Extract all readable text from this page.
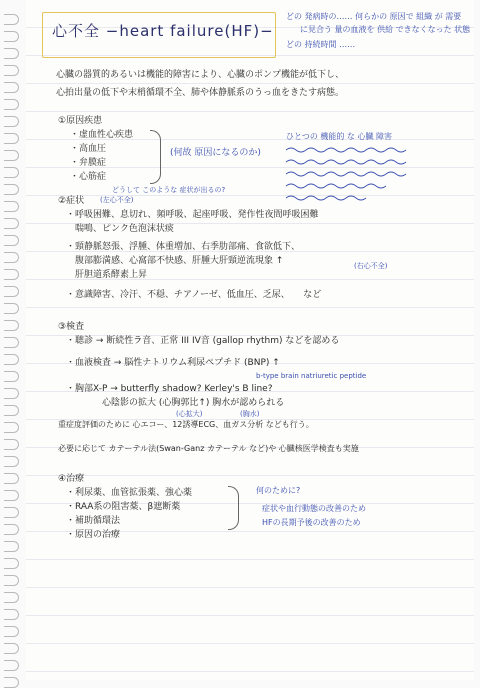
心不全 −heart failure(HF)−
どの 発病時の…… 何らかの 原因で 組織 が 需要
に見合う 量の血液を 供給 できなくなった 状態
どの 持続時間 ……
心臓の器質的あるいは機能的障害により、心臓のポンプ機能が低下し、
心拍出量の低下や末梢循環不全、肺や体静脈系のうっ血をきたす病態。
①原因疾患
・虚血性心疾患
・高血圧
・弁膜症
・心筋症
(何故 原因になるのか)
ひとつの 機能的 な 心臓 障害
②症状
どうして このような 症状が出るの?
(左心不全)
・呼吸困難、息切れ、頻呼吸、起座呼吸、発作性夜間呼吸困難
　喘鳴、ピンク色泡沫状痰
・頸静脈怒張、浮腫、体重増加、右季肋部痛、食欲低下、
　腹部膨満感、心窩部不快感、肝腫大肝頸逆流現象 ↑
　肝胆道系酵素上昇
・意識障害、冷汗、不穏、チアノーゼ、低血圧、乏尿、　　など
(右心不全)
③検査
・聴診 → 断続性ラ音、正常 III IV音 (gallop rhythm) などを認める
・血液検査 → 脳性ナトリウム利尿ペプチド (BNP) ↑
b-type brain natriuretic peptide
・胸部X-P → butterfly shadow? Kerley's B line?
　　　　心陰影の拡大 (心胸郭比↑) 胸水が認められる
(心拡大)	(胸水)
重症度評価のために 心エコー、12誘導ECG、血ガス分析 なども行う。
必要に応じて カテーテル法(Swan-Ganz カテーテル など)や 心臓核医学検査も実施
④治療
・利尿薬、血管拡張薬、強心薬
・RAA系の阻害薬、β遮断薬
・補助循環法
・原因の治療
何のために?
症状や血行動態の改善のため
HFの長期予後の改善のため
